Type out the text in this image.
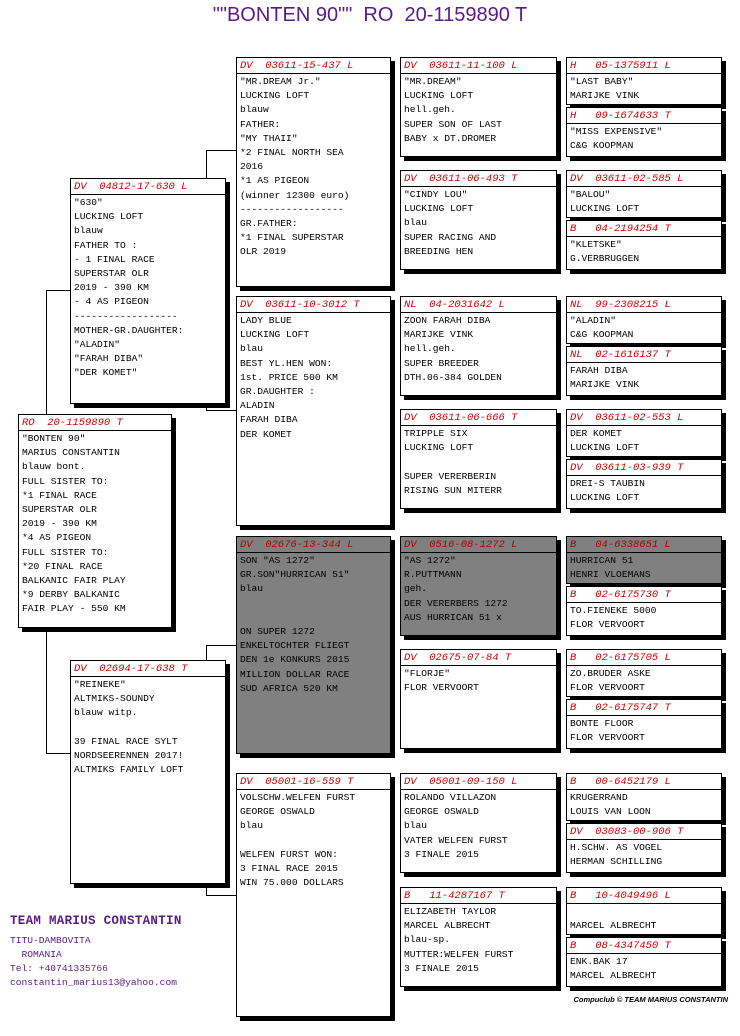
""BONTEN 90""  RO  20-1159890 T
RO  20-1159890 T
"BONTEN 90"
MARIUS CONSTANTIN
blauw bont.
FULL SISTER TO:
*1 FINAL RACE
SUPERSTAR OLR
2019 - 390 KM
*4 AS PIGEON
FULL SISTER TO:
*20 FINAL RACE
BALKANIC FAIR PLAY
*9 DERBY BALKANIC
FAIR PLAY - 550 KM
DV  04812-17-630 L
"630"
LUCKING LOFT
blauw
FATHER TO :
- 1 FINAL RACE
SUPERSTAR OLR
2019 - 390 KM
- 4 AS PIGEON
------------------
MOTHER-GR.DAUGHTER:
"ALADIN"
"FARAH DIBA"
"DER KOMET"
DV  02694-17-638 T
"REINEKE"
ALTMIKS-SOUNDY
blauw witp.

39 FINAL RACE SYLT
NORDSEERENNEN 2017!
ALTMIKS FAMILY LOFT
DV  03611-15-437 L
"MR.DREAM Jr."
LUCKING LOFT
blauw
FATHER:
"MY THAII"
*2 FINAL NORTH SEA
2016
*1 AS PIGEON
(winner 12300 euro)
------------------
GR.FATHER:
*1 FINAL SUPERSTAR
OLR 2019
DV  03611-10-3012 T
LADY BLUE
LUCKING LOFT
blau
BEST YL.HEN WON:
1st. PRICE 500 KM
GR.DAUGHTER :
ALADIN
FARAH DIBA
DER KOMET
DV  02676-13-344 L
SON "AS 1272"
GR.SON"HURRICAN 51"
blau

ON SUPER 1272
ENKELTOCHTER FLIEGT
DEN 1e KONKURS 2015
MILLION DOLLAR RACE
SUD AFRICA 520 KM
DV  05001-16-559 T
VOLSCHW.WELFEN FURST
GEORGE OSWALD
blau

WELFEN FURST WON:
3 FINAL RACE 2015
WIN 75.000 DOLLARS
DV  03611-11-100 L
"MR.DREAM"
LUCKING LOFT
hell.geh.
SUPER SON OF LAST
BABY x DT.DROMER
DV  03611-06-493 T
"CINDY LOU"
LUCKING LOFT
blau
SUPER RACING AND
BREEDING HEN
NL  04-2031642 L
ZOON FARAH DIBA
MARIJKE VINK
hell.geh.
SUPER BREEDER
DTH.06-384 GOLDEN
DV  03611-06-666 T
TRIPPLE SIX
LUCKING LOFT

SUPER VERERBERIN
RISING SUN MITERR
DV  0516-08-1272 L
"AS 1272"
R.PUTTMANN
geh.
DER VERERBERS 1272
AUS HURRICAN 51 x
DV  02675-07-84 T
"FLORJE"
FLOR VERVOORT
DV  05001-09-150 L
ROLANDO VILLAZON
GEORGE OSWALD
blau
VATER WELFEN FURST
3 FINALE 2015
B   11-4287167 T
ELIZABETH TAYLOR
MARCEL ALBRECHT
blau-sp.
MUTTER:WELFEN FURST
3 FINALE 2015
H   05-1375911 L
"LAST BABY"
MARIJKE VINK
H   09-1674633 T
"MISS EXPENSIVE"
C&G KOOPMAN
DV  03611-02-585 L
"BALOU"
LUCKING LOFT
B   04-2194254 T
"KLETSKE"
G.VERBRUGGEN
NL  99-2308215 L
"ALADIN"
C&G KOOPMAN
NL  02-1616137 T
FARAH DIBA
MARIJKE VINK
DV  03611-02-553 L
DER KOMET
LUCKING LOFT
DV  03611-03-939 T
DREI-S TAUBIN
LUCKING LOFT
B   04-6338651 L
HURRICAN 51
HENRI VLOEMANS
B   02-6175730 T
TO.FIENEKE 5000
FLOR VERVOORT
B   02-6175705 L
ZO.BRUDER ASKE
FLOR VERVOORT
B   02-6175747 T
BONTE FLOOR
FLOR VERVOORT
B   00-6452179 L
KRUGERRAND
LOUIS VAN LOON
DV  03083-00-906 T
H.SCHW. AS VOGEL
HERMAN SCHILLING
B   10-4049496 L

MARCEL ALBRECHT
B   08-4347450 T
ENK.BAK 17
MARCEL ALBRECHT
TEAM MARIUS CONSTANTIN
TITU-DAMBOVITA
ROMANIA
Tel: +40741335766
constantin_marius13@yahoo.com
Compuclub © TEAM MARIUS CONSTANTIN
